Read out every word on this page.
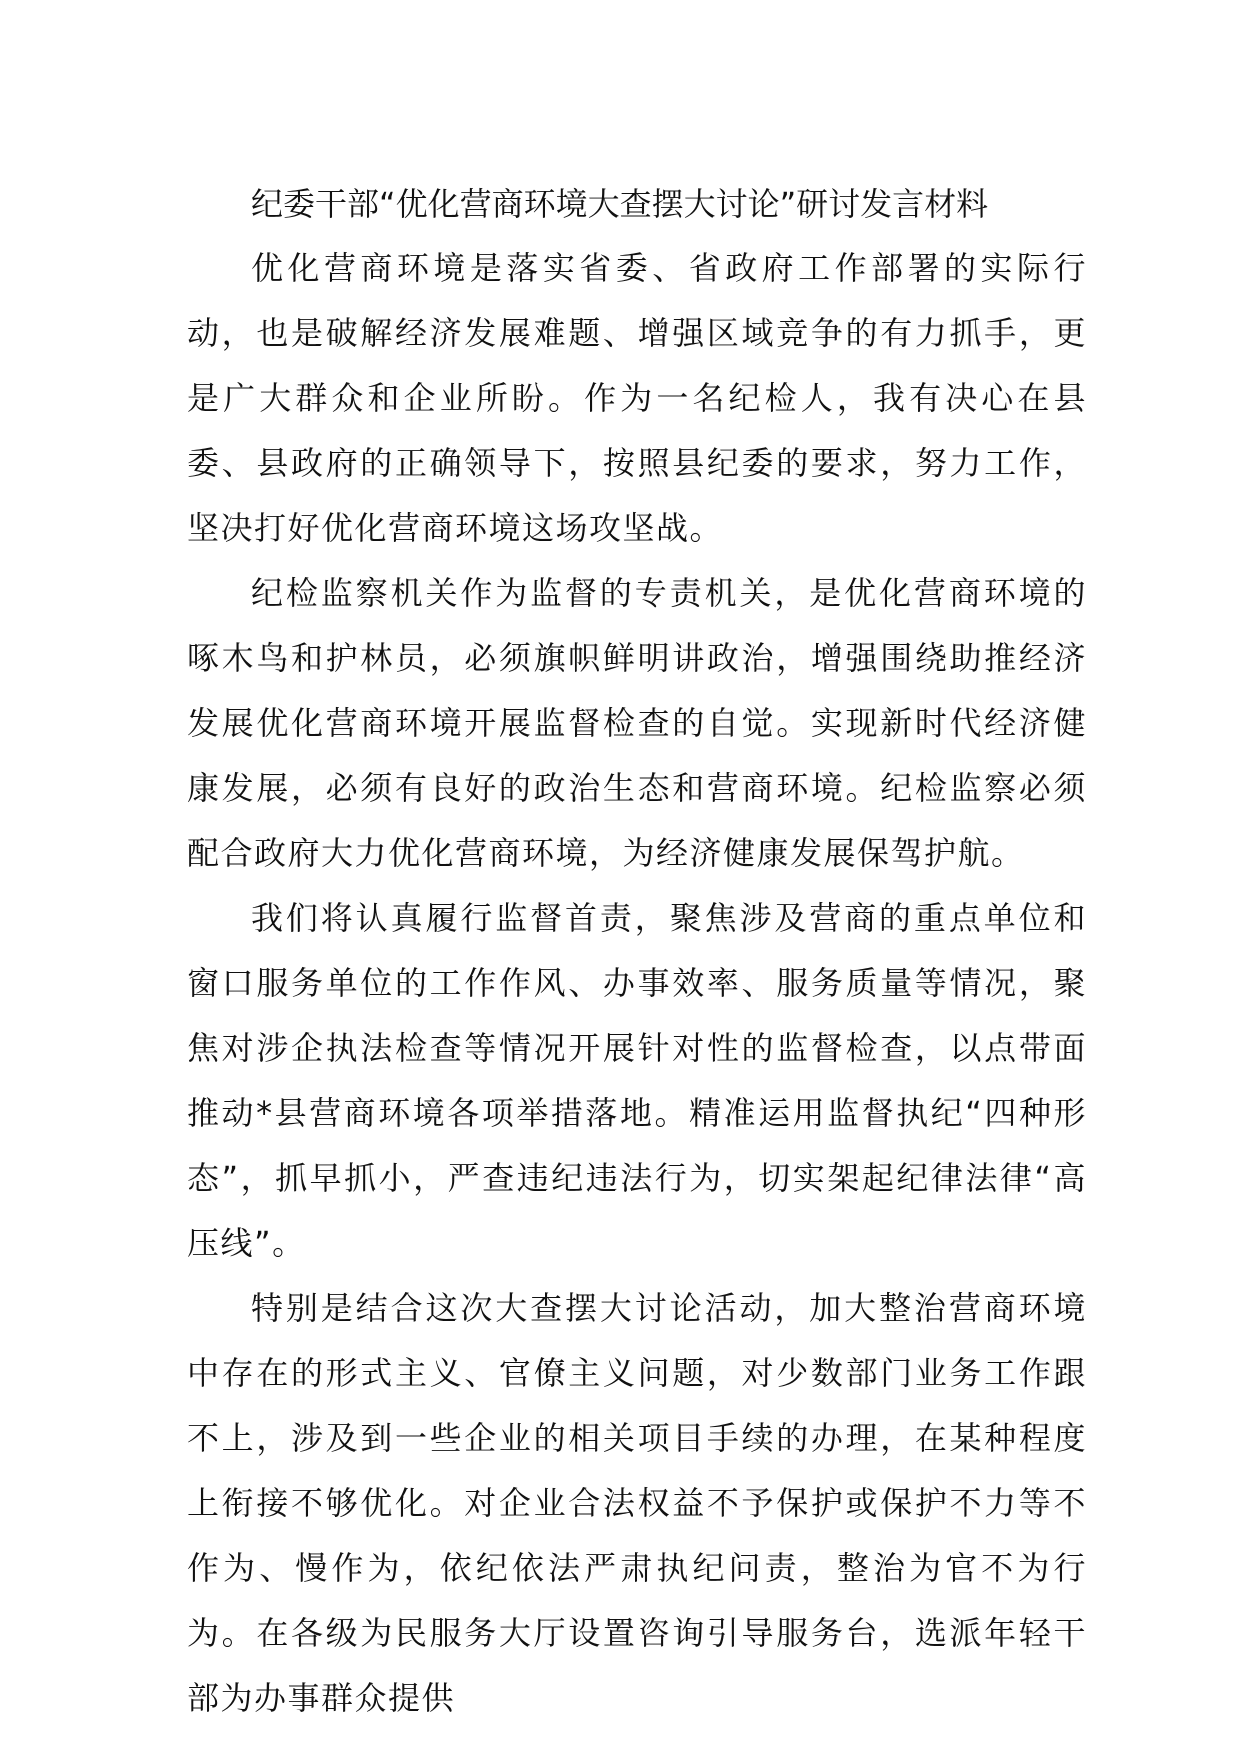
纪委干部“优化营商环境大查摆大讨论”研讨发言材料

优化营商环境是落实省委、省政府工作部署的实际行动，也是破解经济发展难题、增强区域竞争的有力抓手，更是广大群众和企业所盼。作为一名纪检人，我有决心在县委、县政府的正确领导下，按照县纪委的要求，努力工作，坚决打好优化营商环境这场攻坚战。

纪检监察机关作为监督的专责机关，是优化营商环境的啄木鸟和护林员，必须旗帜鲜明讲政治，增强围绕助推经济发展优化营商环境开展监督检查的自觉。实现新时代经济健康发展，必须有良好的政治生态和营商环境。纪检监察必须配合政府大力优化营商环境，为经济健康发展保驾护航。

我们将认真履行监督首责，聚焦涉及营商的重点单位和窗口服务单位的工作作风、办事效率、服务质量等情况，聚焦对涉企执法检查等情况开展针对性的监督检查，以点带面推动*县营商环境各项举措落地。精准运用监督执纪“四种形态”，抓早抓小，严查违纪违法行为，切实架起纪律法律“高压线”。

特别是结合这次大查摆大讨论活动，加大整治营商环境中存在的形式主义、官僚主义问题，对少数部门业务工作跟不上，涉及到一些企业的相关项目手续的办理，在某种程度上衔接不够优化。对企业合法权益不予保护或保护不力等不作为、慢作为，依纪依法严肃执纪问责，整治为官不为行为。在各级为民服务大厅设置咨询引导服务台，选派年轻干部为办事群众提供
